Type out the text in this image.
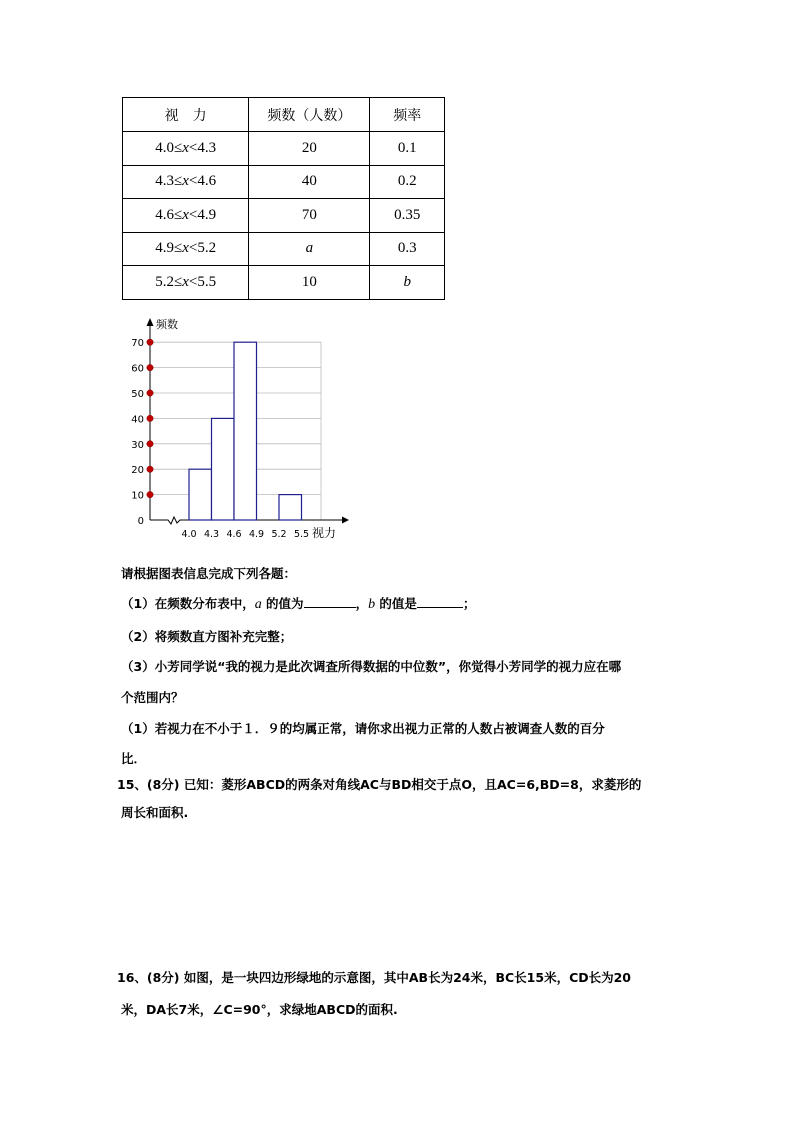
视　力	频数（人数）	频率
4.0≤x<4.3	20	0.1
4.3≤x<4.6	40	0.2
4.6≤x<4.9	70	0.35
4.9≤x<5.2	a	0.3
5.2≤x<5.5	10	b
频数
视力
0
10
20
30
40
50
60
70
4.0 4.3 4.6 4.9 5.2 5.5
请根据图表信息完成下列各题：
（1）在频数分布表中，a 的值为	，b 的值是	；
（2）将频数直方图补充完整；
（3）小芳同学说“我的视力是此次调查所得数据的中位数”，你觉得小芳同学的视力应在哪
个范围内？
（1）若视力在不小于１．９的均属正常，请你求出视力正常的人数占被调查人数的百分
比．
15、(8分) 已知：菱形ABCD的两条对角线AC与BD相交于点O，且AC=6,BD=8，求菱形的
周长和面积.
16、(8分) 如图，是一块四边形绿地的示意图，其中AB长为24米，BC长15米，CD长为20
米，DA长7米，∠C=90°，求绿地ABCD的面积.
